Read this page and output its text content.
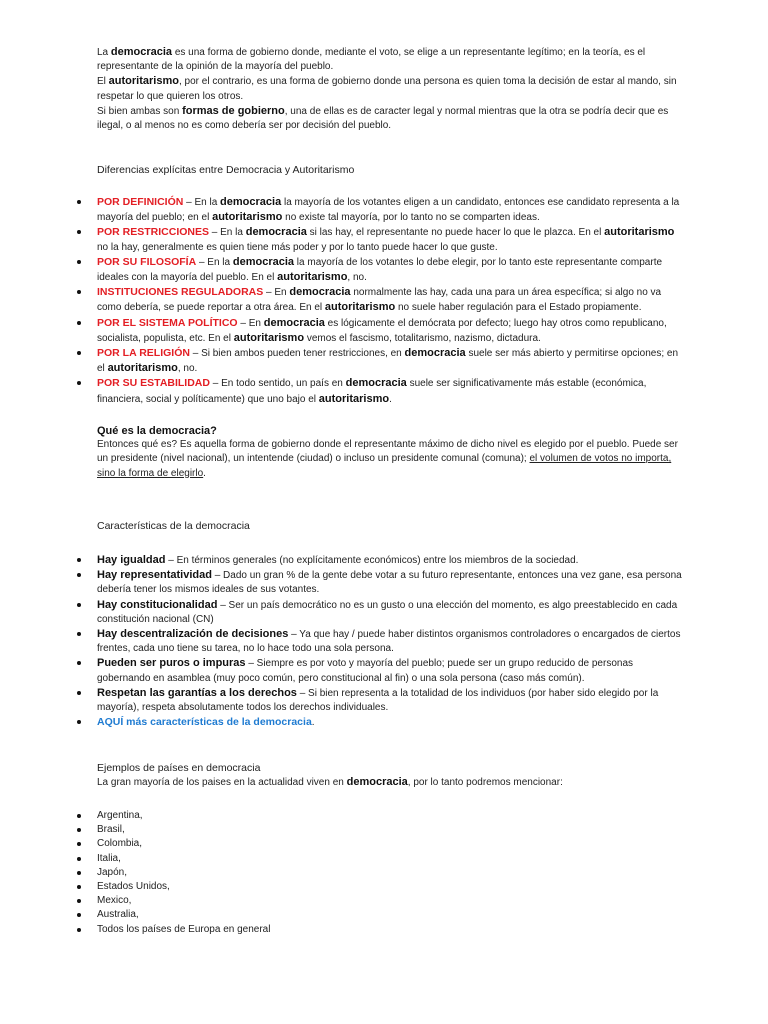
La democracia es una forma de gobierno donde, mediante el voto, se elige a un representante legítimo; en la teoría, es el representante de la opinión de la mayoría del pueblo.

El autoritarismo, por el contrario, es una forma de gobierno donde una persona es quien toma la decisión de estar al mando, sin respetar lo que quieren los otros.

Si bien ambas son formas de gobierno, una de ellas es de caracter legal y normal mientras que la otra se podría decir que es ilegal, o al menos no es como debería ser por decisión del pueblo.

Diferencias explícitas entre Democracia y Autoritarismo

POR DEFINICIÓN – En la democracia la mayoría de los votantes eligen a un candidato, entonces ese candidato representa a la mayoría del pueblo; en el autoritarismo no existe tal mayoría, por lo tanto no se comparten ideas.
POR RESTRICCIONES – En la democracia si las hay, el representante no puede hacer lo que le plazca. En el autoritarismo no la hay, generalmente es quien tiene más poder y por lo tanto puede hacer lo que guste.
POR SU FILOSOFÍA – En la democracia la mayoría de los votantes lo debe elegir, por lo tanto este representante comparte ideales con la mayoría del pueblo. En el autoritarismo, no.
INSTITUCIONES REGULADORAS – En democracia normalmente las hay, cada una para un área específica; si algo no va como debería, se puede reportar a otra área. En el autoritarismo no suele haber regulación para el Estado propiamente.
POR EL SISTEMA POLÍTICO – En democracia es lógicamente el demócrata por defecto; luego hay otros como republicano, socialista, populista, etc. En el autoritarismo vemos el fascismo, totalitarismo, nazismo, dictadura.
POR LA RELIGIÓN – Si bien ambos pueden tener restricciones, en democracia suele ser más abierto y permitirse opciones; en el autoritarismo, no.
POR SU ESTABILIDAD – En todo sentido, un país en democracia suele ser significativamente más estable (económica, financiera, social y políticamente) que uno bajo el autoritarismo.

Qué es la democracia?

Entonces qué es? Es aquella forma de gobierno donde el representante máximo de dicho nivel es elegido por el pueblo. Puede ser un presidente (nivel nacional), un intentende (ciudad) o incluso un presidente comunal (comuna); el volumen de votos no importa, sino la forma de elegirlo.

Características de la democracia

Hay igualdad – En términos generales (no explícitamente económicos) entre los miembros de la sociedad.
Hay representatividad – Dado un gran % de la gente debe votar a su futuro representante, entonces una vez gane, esa persona debería tener los mismos ideales de sus votantes.
Hay constitucionalidad – Ser un país democrático no es un gusto o una elección del momento, es algo preestablecido en cada constitución nacional (CN)
Hay descentralización de decisiones – Ya que hay / puede haber distintos organismos controladores o encargados de ciertos frentes, cada uno tiene su tarea, no lo hace todo una sola persona.
Pueden ser puros o impuras – Siempre es por voto y mayoría del pueblo; puede ser un grupo reducido de personas gobernando en asamblea (muy poco común, pero constitucional al fin) o una sola persona (caso más común).
Respetan las garantías a los derechos – Si bien representa a la totalidad de los individuos (por haber sido elegido por la mayoría), respeta absolutamente todos los derechos individuales.
AQUÍ más características de la democracia.

Ejemplos de países en democracia

La gran mayoría de los paises en la actualidad viven en democracia, por lo tanto podremos mencionar:

Argentina,
Brasil,
Colombia,
Italia,
Japón,
Estados Unidos,
Mexico,
Australia,
Todos los países de Europa en general
